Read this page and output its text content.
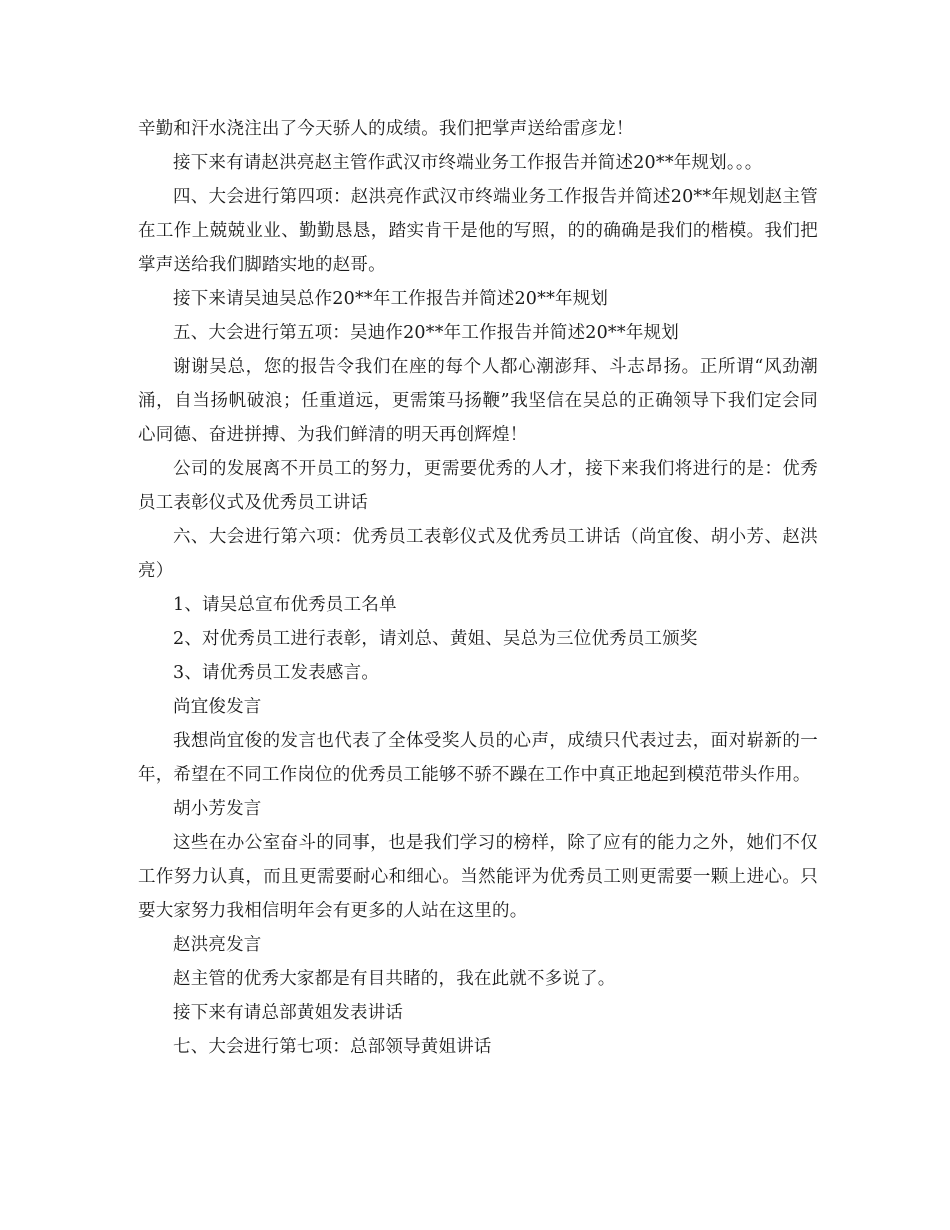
辛勤和汗水浇注出了今天骄人的成绩。我们把掌声送给雷彦龙！

接下来有请赵洪亮赵主管作武汉市终端业务工作报告并简述20**年规划。。。

四、大会进行第四项：赵洪亮作武汉市终端业务工作报告并简述20**年规划赵主管在工作上兢兢业业、勤勤恳恳，踏实肯干是他的写照，的的确确是我们的楷模。我们把掌声送给我们脚踏实地的赵哥。

接下来请吴迪吴总作20**年工作报告并简述20**年规划

五、大会进行第五项：吴迪作20**年工作报告并简述20**年规划

谢谢吴总，您的报告令我们在座的每个人都心潮澎拜、斗志昂扬。正所谓“风劲潮涌，自当扬帆破浪；任重道远，更需策马扬鞭”我坚信在吴总的正确领导下我们定会同心同德、奋进拼搏、为我们鲜清的明天再创辉煌！

公司的发展离不开员工的努力，更需要优秀的人才，接下来我们将进行的是：优秀员工表彰仪式及优秀员工讲话

六、大会进行第六项：优秀员工表彰仪式及优秀员工讲话（尚宜俊、胡小芳、赵洪亮）

1、请吴总宣布优秀员工名单

2、对优秀员工进行表彰，请刘总、黄姐、吴总为三位优秀员工颁奖

3、请优秀员工发表感言。

尚宜俊发言

我想尚宜俊的发言也代表了全体受奖人员的心声，成绩只代表过去，面对崭新的一年，希望在不同工作岗位的优秀员工能够不骄不躁在工作中真正地起到模范带头作用。

胡小芳发言

这些在办公室奋斗的同事，也是我们学习的榜样，除了应有的能力之外，她们不仅工作努力认真，而且更需要耐心和细心。当然能评为优秀员工则更需要一颗上进心。只要大家努力我相信明年会有更多的人站在这里的。

赵洪亮发言

赵主管的优秀大家都是有目共睹的，我在此就不多说了。

接下来有请总部黄姐发表讲话

七、大会进行第七项：总部领导黄姐讲话
